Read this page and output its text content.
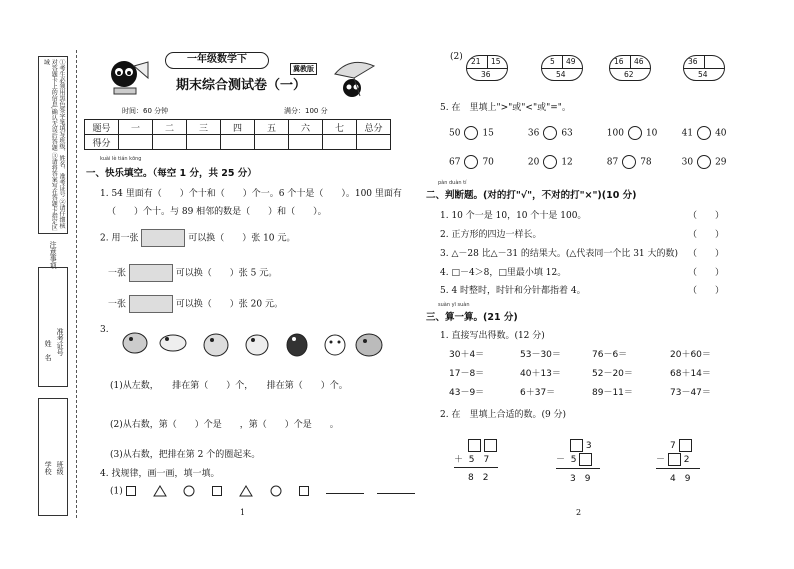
①考生必须用黑色签字笔填写班级、姓名、准考证号 ②请仔细核对答题卡上的信息,确认无误后答题 ③请将答案写在答题卡指定区域
注意事项
姓　名 准考证号
学校 班级
一年级数学下
冀教版
期末综合测试卷（一）
时间：60 分钟	满分：100 分
题号	一	二	三	四	五	六	七	总分
得分								
kuài lè tián kōng
一、快乐填空。（每空 1 分，共 25 分）
1. 54 里面有（　　）个十和（　　）个一。6 个十是（　　）。100 里面有
（　　）个十。与 89 相邻的数是（　　）和（　　）。
2. 用一张	可以换（　　）张 10 元。
一张	可以换（　　）张 5 元。
一张	可以换（　　）张 20 元。
3.
(1)从左数，　　排在第（　　）个，　　排在第（　　）个。
(2)从右数，第（　　）个是　　，第（　　）个是　　。
(3)从右数，把排在第 2 个的圈起来。
4. 找规律，画一画，填一填。
(1)
1
(2) 21 15
36
5 49
54
16 46
62
36
54
5. 在　里填上">"或"<"或"="。
50 15	36 63	100 10	41 40
67 70	20 12	87 78	30 29
pàn duàn tí
二、判断题。(对的打"√"，不对的打"×")(10 分)
1. 10 个一是 10，10 个十是 100。	（　　）
2. 正方形的四边一样长。	（　　）
3. △－28 比△－31 的结果大。(△代表同一个比 31 大的数) （　　）
4. □－4＞8，□里最小填 12。	（　　）
5. 4 时整时，时针和分针都指着 4。	（　　）
suàn yī suàn
三、算一算。(21 分)
1. 直接写出得数。(12 分)
30＋4＝	53－30＝	76－6＝	20＋60＝
17－8＝	40＋13＝	52－20＝	68＋14＝
43－9＝	6＋37＝	89－11＝	73－47＝
2. 在　里填上合适的数。(9 分)

＋ 5　7
8　2
3
－ 5
3　9
7
－ 2
4　9
2
